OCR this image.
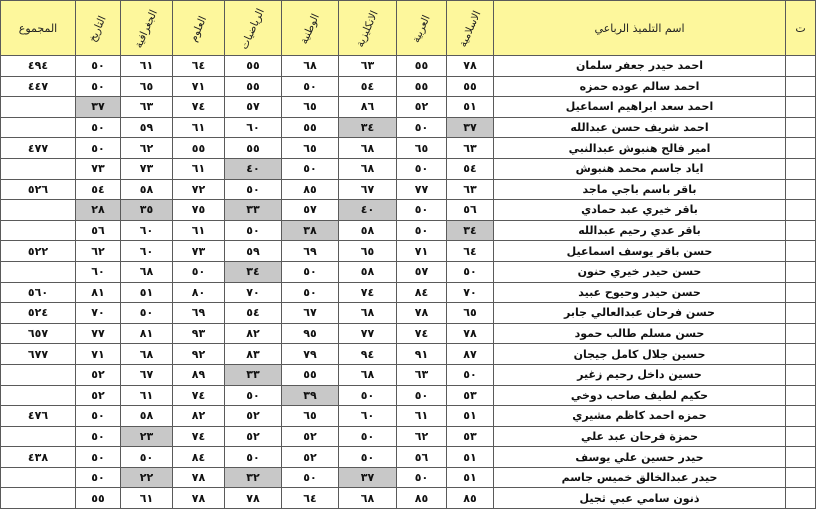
المجموع	التاريخ	الجغرافية	العلوم	الرياضيات	الوطنية	الانكليزية	العربية	الاسلامية	اسم التلميذ الرباعي	ت
٤٩٤	٥٠	٦١	٦٤	٥٥	٦٨	٦٣	٥٥	٧٨	احمد حيدر جعفر سلمان	
٤٤٧	٥٠	٦٥	٧١	٥٥	٥٠	٥٤	٥٥	٥٥	احمد سالم عوده حمزه	
	٣٧	٦٣	٧٤	٥٧	٦٥	٨٦	٥٢	٥١	احمد سعد ابراهيم اسماعيل	
	٥٠	٥٩	٦١	٦٠	٥٥	٣٤	٥٠	٣٧	احمد شريف حسن عبدالله	
٤٧٧	٥٠	٦٢	٥٥	٥٥	٦٥	٦٨	٦٥	٦٣	امير فالح هنبوش عبدالنبي	
	٧٣	٧٣	٦١	٤٠	٥٠	٦٨	٥٠	٥٤	اياد جاسم محمد هنبوش	
٥٢٦	٥٤	٥٨	٧٢	٥٠	٨٥	٦٧	٧٧	٦٣	باقر باسم باجي ماجد	
	٢٨	٣٥	٧٥	٣٣	٥٧	٤٠	٥٠	٥٦	باقر خيري عبد حمادي	
	٥٦	٦٠	٦١	٥٠	٣٨	٥٨	٥٠	٣٤	باقر عدي رحيم عبدالله	
٥٢٢	٦٢	٦٠	٧٣	٥٩	٦٩	٦٥	٧١	٦٤	حسن باقر يوسف اسماعيل	
	٦٠	٦٨	٥٠	٣٤	٥٠	٥٨	٥٧	٥٠	حسن حيدر خيري حنون	
٥٦٠	٨١	٥١	٨٠	٧٠	٥٠	٧٤	٨٤	٧٠	حسن حيدر وحيوح عبيد	
٥٢٤	٧٠	٥٠	٦٩	٥٤	٦٧	٦٨	٧٨	٦٥	حسن فرحان عبدالعالي جابر	
٦٥٧	٧٧	٨١	٩٣	٨٢	٩٥	٧٧	٧٤	٧٨	حسن مسلم طالب حمود	
٦٧٧	٧١	٦٨	٩٢	٨٣	٧٩	٩٤	٩١	٨٧	حسين جلال كامل جيجان	
	٥٢	٦٧	٨٩	٣٣	٥٥	٦٨	٦٣	٥٠	حسين داخل رحيم زغير	
	٥٢	٦١	٧٤	٥٠	٣٩	٥٠	٥٠	٥٣	حكيم لطيف صاحب دوخي	
٤٧٦	٥٠	٥٨	٨٢	٥٢	٦٥	٦٠	٦١	٥١	حمزه احمد كاظم مشيري	
	٥٠	٢٣	٧٤	٥٢	٥٢	٥٠	٦٢	٥٣	حمزة فرحان عبد علي	
٤٣٨	٥٠	٥٠	٨٤	٥٠	٥٢	٥٠	٥٦	٥١	حيدر حسين علي يوسف	
	٥٠	٢٢	٧٨	٣٢	٥٠	٣٧	٥٠	٥١	حيدر عبدالخالق خميس جاسم	
	٥٥	٦١	٧٨	٧٨	٦٤	٦٨	٨٥	٨٥	ذنون سامي عبي ثجيل	
